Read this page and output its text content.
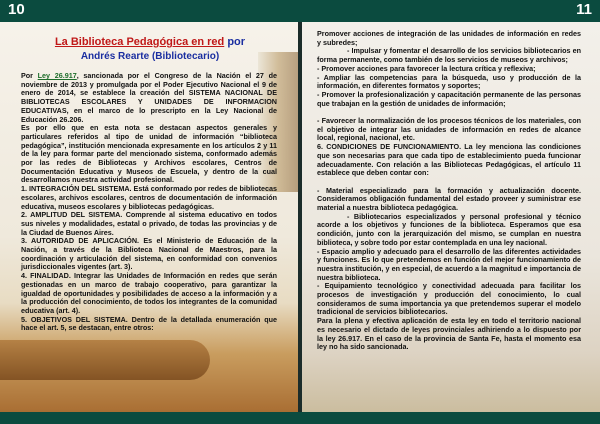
10	11
La Biblioteca Pedagógica en red por
Andrés Rearte (Bibliotecario)

Por Ley 26.917, sancionada por el Congreso de la Nación el 27 de noviembre de 2013 y promulgada por el Poder Ejecutivo Nacional el 9 de enero de 2014, se establece la creación del SISTEMA NACIONAL DE BIBLIOTECAS ESCOLARES Y UNIDADES DE INFORMACION EDUCATIVAS, en el marco de lo prescripto en la Ley Nacional de Educación 26.206.

Es por ello que en esta nota se destacan aspectos generales y particulares referidos al tipo de unidad de información “biblioteca pedagógica”, institución mencionada expresamente en los artículos 2 y 11 de la ley para formar parte del mencionado sistema, conformado además por las redes de Bibliotecas y Archivos escolares, Centros de Documentación Educativa y Museos de Escuela, y dentro de la cual desarrollamos nuestra actividad profesional.

1. INTEGRACIÓN DEL SISTEMA. Está conformado por redes de bibliotecas escolares, archivos escolares, centros de documentación de información educativa, museos escolares y bibliotecas pedagógicas.

2. AMPLITUD DEL SISTEMA. Comprende al sistema educativo en todos sus niveles y modalidades, estatal o privado, de todas las provincias y de la Ciudad de Buenos Aires.

3. AUTORIDAD DE APLICACIÓN. Es el Ministerio de Educación de la Nación, a través de la Biblioteca Nacional de Maestros, para la coordinación y articulación del sistema, en conformidad con convenios jurisdiccionales vigentes (art. 3).

4. FINALIDAD. Integrar las Unidades de Información en redes que serán gestionadas en un marco de trabajo cooperativo, para garantizar la igualdad de oportunidades y posibilidades de acceso a la información y a la producción del conocimiento, de todos los integrantes de la comunidad educativa (art. 4).

5. OBJETIVOS DEL SISTEMA. Dentro de la detallada enumeración que hace el art. 5, se destacan, entre otros:

Promover acciones de integración de las unidades de información en redes y subredes;

- Impulsar y fomentar el desarrollo de los servicios bibliotecarios en forma permanente, como también de los servicios de museos y archivos;

- Promover acciones para favorecer la lectura crítica y reflexiva;

- Ampliar las competencias para la búsqueda, uso y producción de la información, en diferentes formatos y soportes;

- Promover la profesionalización y capacitación permanente de las personas que trabajan en la gestión de unidades de información;

- Favorecer la normalización de los procesos técnicos de los materiales, con el objetivo de integrar las unidades de información en redes de alcance local, regional, nacional, etc.

6. CONDICIONES DE FUNCIONAMIENTO. La ley menciona las condiciones que son necesarias para que cada tipo de establecimiento pueda funcionar adecuadamente. Con relación a las Bibliotecas Pedagógicas, el artículo 11 establece que deben contar con:

- Material especializado para la formación y actualización docente. Consideramos obligación fundamental del estado proveer y suministrar ese material a nuestra biblioteca pedagógica.

- Bibliotecarios especializados y personal profesional y técnico acorde a los objetivos y funciones de la biblioteca. Esperamos que esa condición, junto con la jerarquización del mismo, se cumplan en nuestra biblioteca, y sobre todo por estar contemplada en una ley nacional.

- Espacio amplio y adecuado para el desarrollo de las diferentes actividades y funciones. Es lo que pretendemos en función del mejor funcionamiento de nuestra institución, y en especial, de acuerdo a la magnitud e importancia de nuestra biblioteca.

- Equipamiento tecnológico y conectividad adecuada para facilitar los procesos de investigación y producción del conocimiento, lo cual consideramos de suma importancia ya que pretendemos superar el modelo tradicional de servicios bibliotecarios.

Para la plena y efectiva aplicación de esta ley en todo el territorio nacional es necesario el dictado de leyes provinciales adhiriendo a lo dispuesto por la ley 26.917. En el caso de la provincia de Santa Fe, hasta el momento esa ley no ha sido sancionada.
